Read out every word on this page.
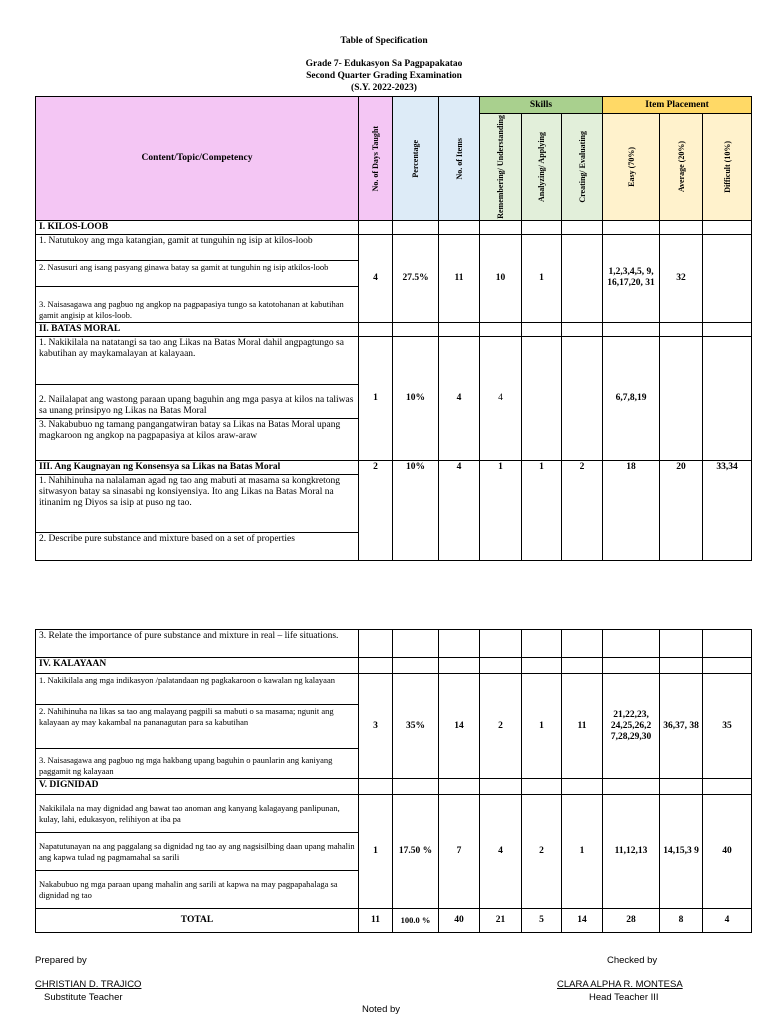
Table of Specification
Grade 7- Edukasyon Sa Pagpapakatao
Second Quarter Grading Examination
(S.Y. 2022-2023)
Content/Topic/Competency	No. of Days Taught	Percentage	No. of Items	Skills			Item Placement		

				Remembering/ Understanding	Analyzing/ Applying	Creating/ Evaluating	Easy (70%)	Average (20%)	Difficult (10%)

I. KILOS-LOOB									
1. Natutukoy ang mga katangian, gamit at tunguhin ng isip at kilos-loob	4	27.5%	11	10	1		1,2,3,4,5, 9, 16,17,20, 31	32	
2. Nasusuri ang isang pasyang ginawa batay sa gamit at tunguhin ng isip atkilos-loob									
3. Naisasagawa ang pagbuo ng angkop na pagpapasiya tungo sa katotohanan at kabutihan gamit angisip at kilos-loob.									
II. BATAS MORAL									
1. Nakikilala na natatangi sa tao ang Likas na Batas Moral dahil angpagtungo sa kabutihan ay maykamalayan at kalayaan.	1	10%	4	4			6,7,8,19		
2. Nailalapat ang wastong paraan upang baguhin ang mga pasya at kilos na taliwas sa unang prinsipyo ng Likas na Batas Moral									
3. Nakabubuo ng tamang pangangatwiran batay sa Likas na Batas Moral upang magkaroon ng angkop na pagpapasiya at kilos araw-araw									
III. Ang Kaugnayan ng Konsensya sa Likas na Batas Moral	2	10%	4	1	1	2	18	20	33,34
1. Nahihinuha na nalalaman agad ng tao ang mabuti at masama sa kongkretong sitwasyon batay sa sinasabi ng konsiyensiya. Ito ang Likas na Batas Moral na itinanim ng Diyos sa isip at puso ng tao.									
2. Describe pure substance and mixture based on a set of properties									
3. Relate the importance of pure substance and mixture in real – life situations.									
IV. KALAYAAN									
1. Nakikilala ang mga indikasyon /palatandaan ng pagkakaroon o kawalan ng kalayaan	3	35%	14	2	1	11	21,22,23, 24,25,26,2 7,28,29,30	36,37, 38	35
2. Nahihinuha na likas sa tao ang malayang pagpili sa mabuti o sa masama; ngunit ang kalayaan ay may kakambal na pananagutan para sa kabutihan									
3. Naisasagawa ang pagbuo ng mga hakbang upang baguhin o paunlarin ang kaniyang paggamit ng kalayaan									
V. DIGNIDAD									
Nakikilala na may dignidad ang bawat tao anoman ang kanyang kalagayang panlipunan, kulay, lahi, edukasyon, relihiyon at iba pa	1	17.50 %	7	4	2	1	11,12,13	14,15,3 9	40
Napatutunayan na ang paggalang sa dignidad ng tao ay ang nagsisilbing daan upang mahalin ang kapwa tulad ng pagmamahal sa sarili									
Nakabubuo ng mga paraan upang mahalin ang sarili at kapwa na may pagpapahalaga sa dignidad ng tao									
TOTAL	11	100.0 %	40	21	5	14	28	8	4
Prepared by
CHRISTIAN D. TRAJICO
Substitute Teacher
Checked by
CLARA ALPHA R. MONTESA
Head Teacher III
Noted by
